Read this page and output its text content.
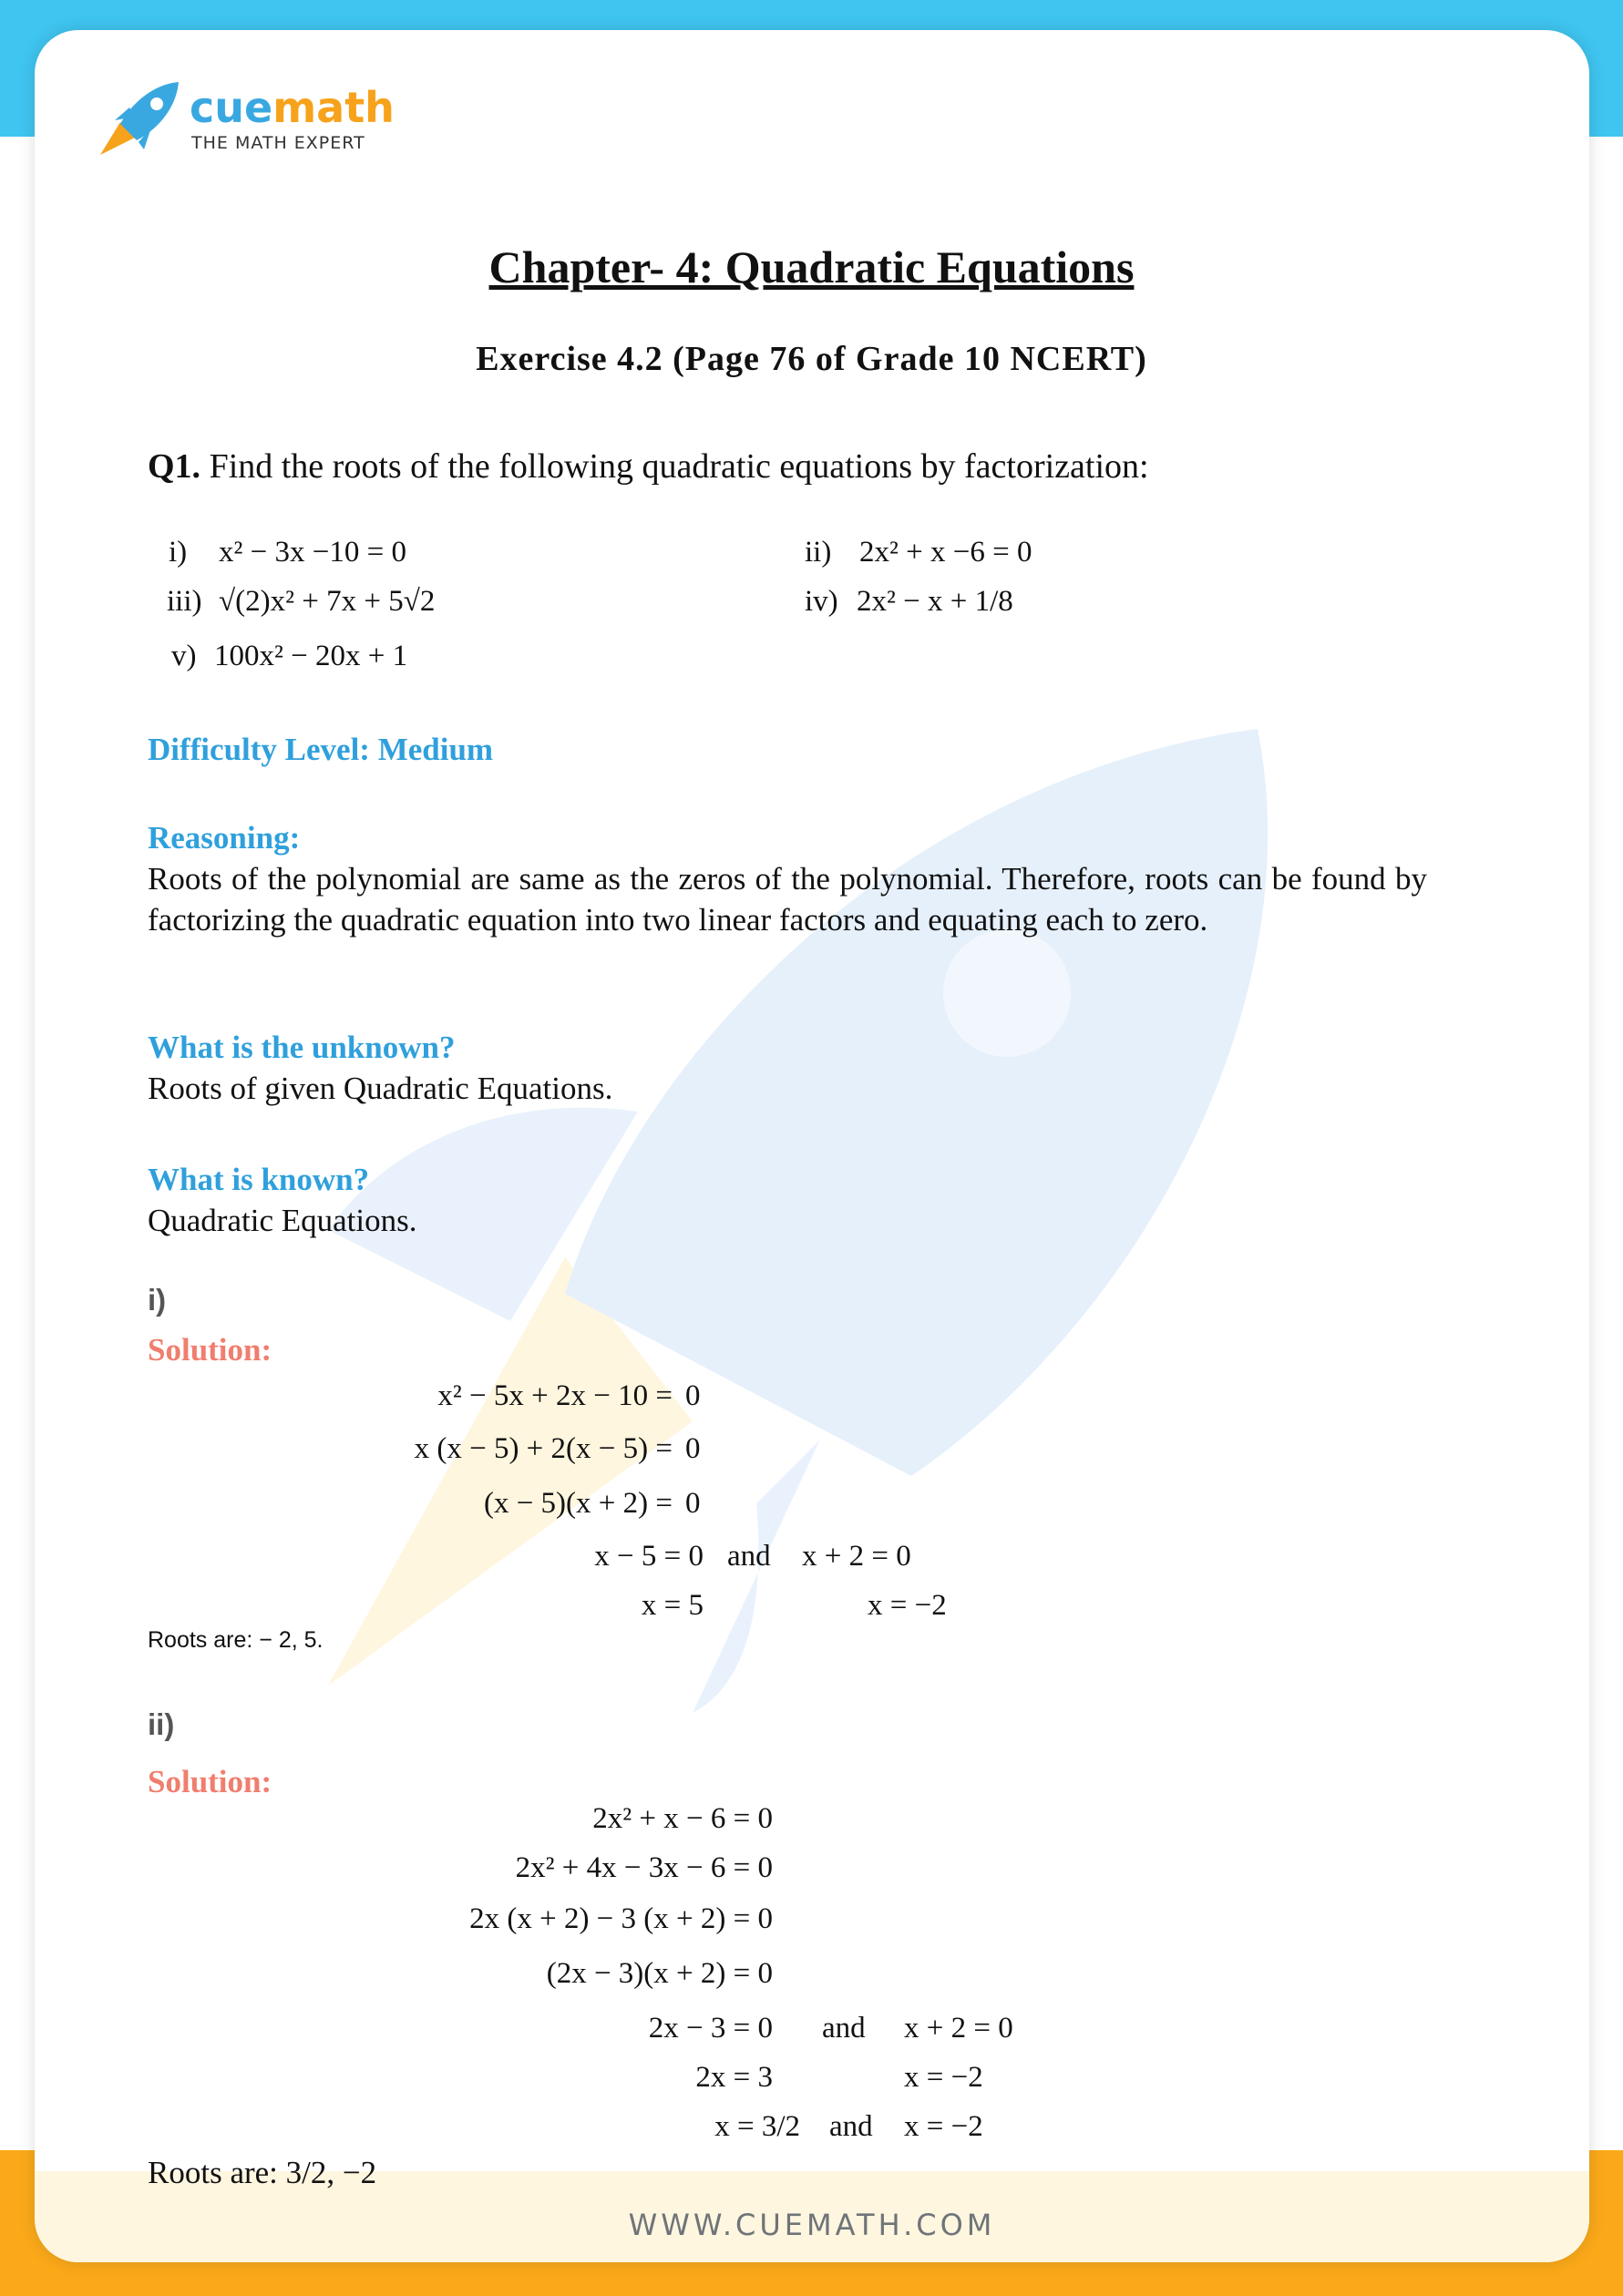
WWW.CUEMATH.COM
cuemath
THE MATH EXPERT
Chapter- 4: Quadratic Equations
Exercise 4.2 (Page 76 of Grade 10 NCERT)
Q1. Find the roots of the following quadratic equations by factorization:
i) x² − 3x −10 = 0	ii) 2x² + x −6 = 0
iii) √(2)x² + 7x + 5√2	iv) 2x² − x + 1/8
v) 100x² − 20x + 1
Difficulty Level: Medium
Reasoning:
Roots of the polynomial are same as the zeros of the polynomial. Therefore, roots can be found by factorizing the quadratic equation into two linear factors and equating each to zero.
What is the unknown?
Roots of given Quadratic Equations.
What is known?
Quadratic Equations.
i)
Solution:
x² − 5x + 2x − 10 = 0
x (x − 5) + 2(x − 5) = 0
(x − 5)(x + 2) = 0
x − 5 = 0 and x + 2 = 0
x = 5	x = −2
Roots are: − 2, 5.
ii)
Solution:
2x² + x − 6 = 0
2x² + 4x − 3x − 6 = 0
2x (x + 2) − 3 (x + 2) = 0
(2x − 3)(x + 2) = 0
2x − 3 = 0 and x + 2 = 0
2x = 3	x = −2
x = 3/2 and x = −2
Roots are: 3/2, −2
